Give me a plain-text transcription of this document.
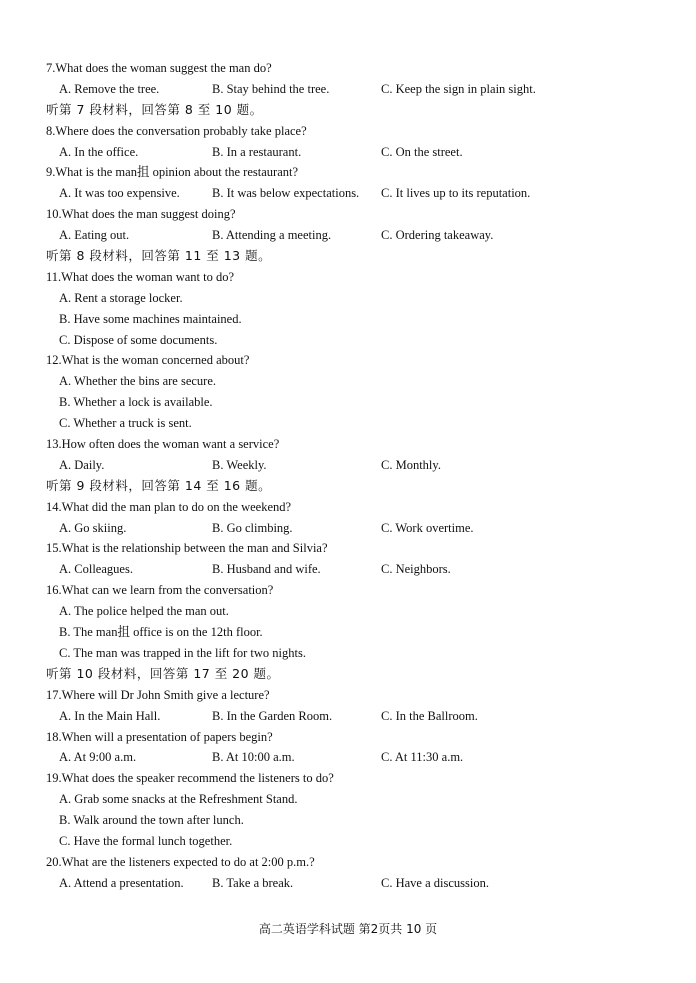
7.What does the woman suggest the man do?
A. Remove the tree.	B. Stay behind the tree.	C. Keep the sign in plain sight.
听第 7 段材料，回答第 8 至 10 题。
8.Where does the conversation probably take place?
A. In the office.	B. In a restaurant.	C. On the street.
9.What is the man抯 opinion about the restaurant?
A. It was too expensive.	B. It was below expectations. C. It lives up to its reputation.
10.What does the man suggest doing?
A. Eating out.	B. Attending a meeting.	C. Ordering takeaway.
听第 8 段材料，回答第 11 至 13 题。
11.What does the woman want to do?
A. Rent a storage locker.
B. Have some machines maintained.
C. Dispose of some documents.
12.What is the woman concerned about?
A. Whether the bins are secure.
B. Whether a lock is available.
C. Whether a truck is sent.
13.How often does the woman want a service?
A. Daily.	B. Weekly.	C. Monthly.
听第 9 段材料，回答第 14 至 16 题。
14.What did the man plan to do on the weekend?
A. Go skiing.	B. Go climbing.	C. Work overtime.
15.What is the relationship between the man and Silvia?
A. Colleagues.	B. Husband and wife.	C. Neighbors.
16.What can we learn from the conversation?
A. The police helped the man out.
B. The man抯 office is on the 12th floor.
C. The man was trapped in the lift for two nights.
听第 10 段材料，回答第 17 至 20 题。
17.Where will Dr John Smith give a lecture?
A. In the Main Hall.	B. In the Garden Room.	C. In the Ballroom.
18.When will a presentation of papers begin?
A. At 9:00 a.m.	B. At 10:00 a.m.	C. At 11:30 a.m.
19.What does the speaker recommend the listeners to do?
A. Grab some snacks at the Refreshment Stand.
B. Walk around the town after lunch.
C. Have the formal lunch together.
20.What are the listeners expected to do at 2:00 p.m.?
A. Attend a presentation. B. Take a break.	C. Have a discussion.
高二英语学科试题 第2页共 10 页
